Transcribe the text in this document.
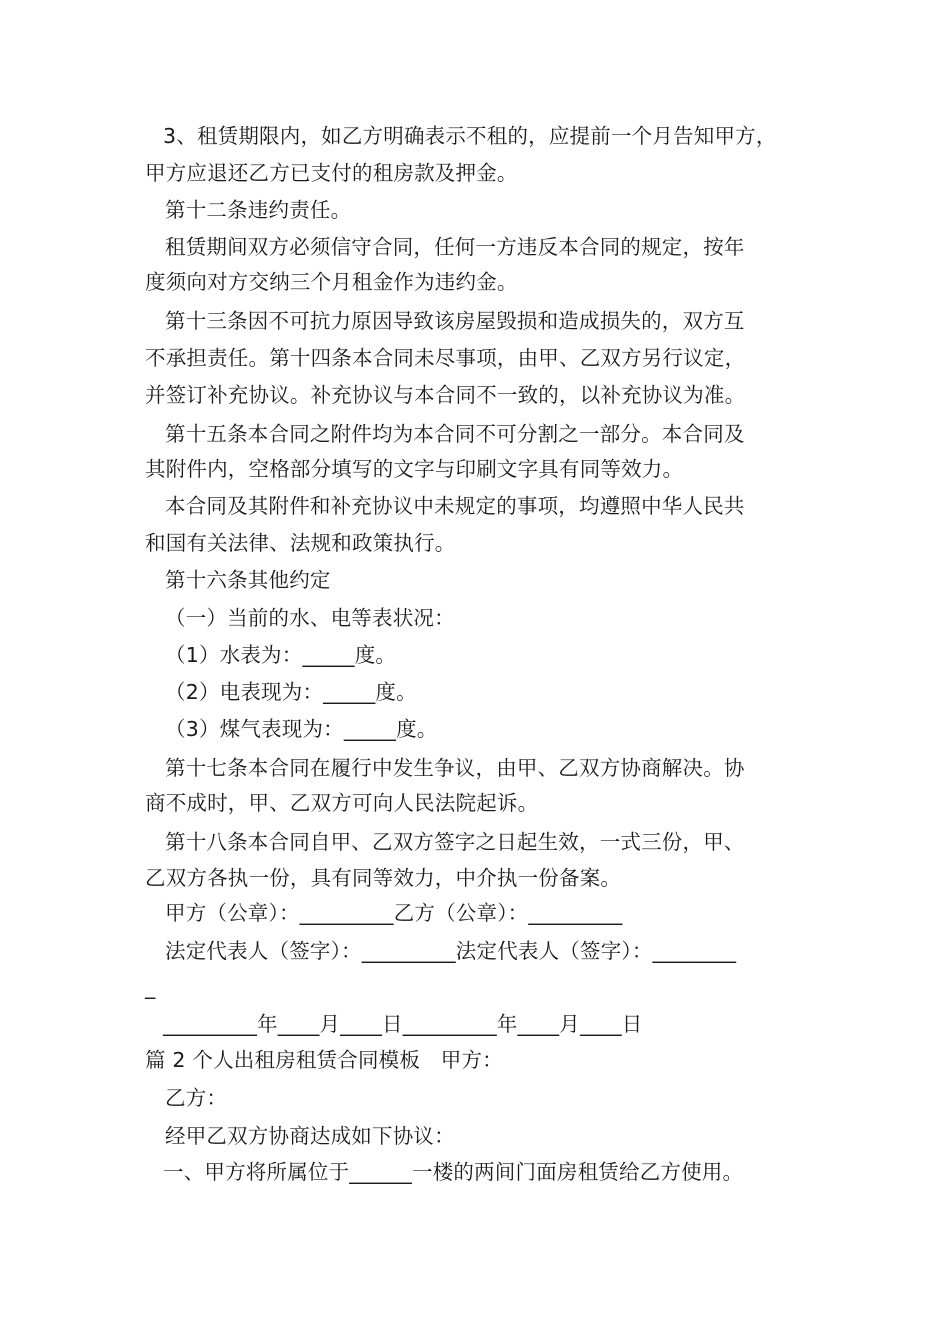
3、租赁期限内，如乙方明确表示不租的，应提前一个月告知甲方，
甲方应退还乙方已支付的租房款及押金。
第十二条违约责任。
租赁期间双方必须信守合同，任何一方违反本合同的规定，按年
度须向对方交纳三个月租金作为违约金。
第十三条因不可抗力原因导致该房屋毁损和造成损失的，双方互
不承担责任。第十四条本合同未尽事项，由甲、乙双方另行议定，
并签订补充协议。补充协议与本合同不一致的，以补充协议为准。
第十五条本合同之附件均为本合同不可分割之一部分。本合同及
其附件内，空格部分填写的文字与印刷文字具有同等效力。
本合同及其附件和补充协议中未规定的事项，均遵照中华人民共
和国有关法律、法规和政策执行。
第十六条其他约定
（一）当前的水、电等表状况：
（1）水表为：_____度。
（2）电表现为：_____度。
（3）煤气表现为：_____度。
第十七条本合同在履行中发生争议，由甲、乙双方协商解决。协
商不成时，甲、乙双方可向人民法院起诉。
第十八条本合同自甲、乙双方签字之日起生效，一式三份，甲、
乙双方各执一份，具有同等效力，中介执一份备案。
甲方（公章）：_________乙方（公章）：_________
法定代表人（签字）：_________法定代表人（签字）：________
_
_________年____月____日_________年____月____日
篇 2 个人出租房租赁合同模板　甲方：
乙方：
经甲乙双方协商达成如下协议：
一、甲方将所属位于______一楼的两间门面房租赁给乙方使用。
